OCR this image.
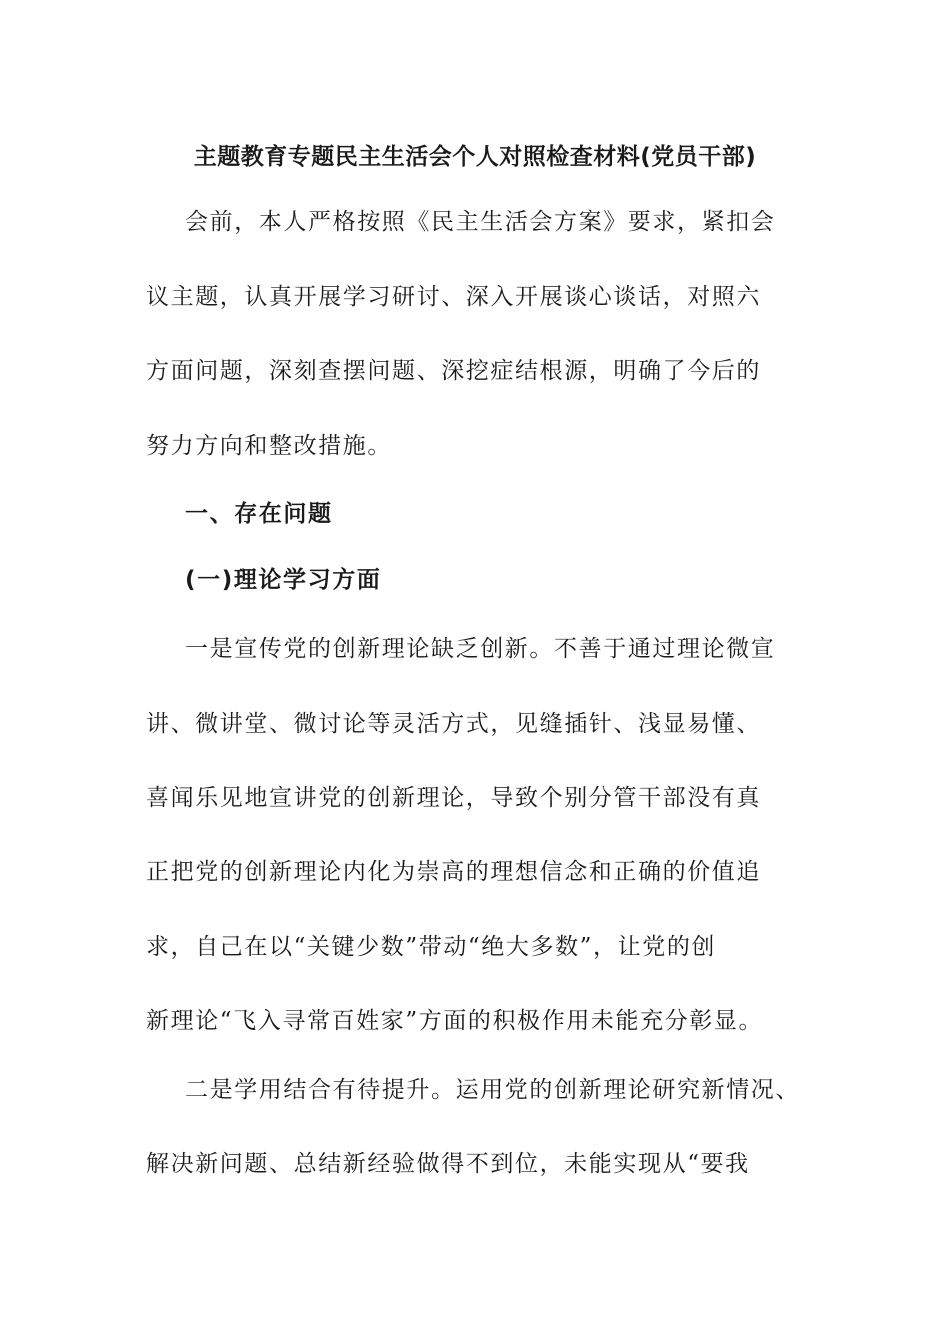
主题教育专题民主生活会个人对照检查材料(党员干部)
会前，本人严格按照《民主生活会方案》要求，紧扣会
议主题，认真开展学习研讨、深入开展谈心谈话，对照六
方面问题，深刻查摆问题、深挖症结根源，明确了今后的
努力方向和整改措施。
一、存在问题
(一)理论学习方面
一是宣传党的创新理论缺乏创新。不善于通过理论微宣
讲、微讲堂、微讨论等灵活方式，见缝插针、浅显易懂、
喜闻乐见地宣讲党的创新理论，导致个别分管干部没有真
正把党的创新理论内化为崇高的理想信念和正确的价值追
求，自己在以“关键少数”带动“绝大多数”，让党的创
新理论“飞入寻常百姓家”方面的积极作用未能充分彰显。
二是学用结合有待提升。运用党的创新理论研究新情况、
解决新问题、总结新经验做得不到位，未能实现从“要我
